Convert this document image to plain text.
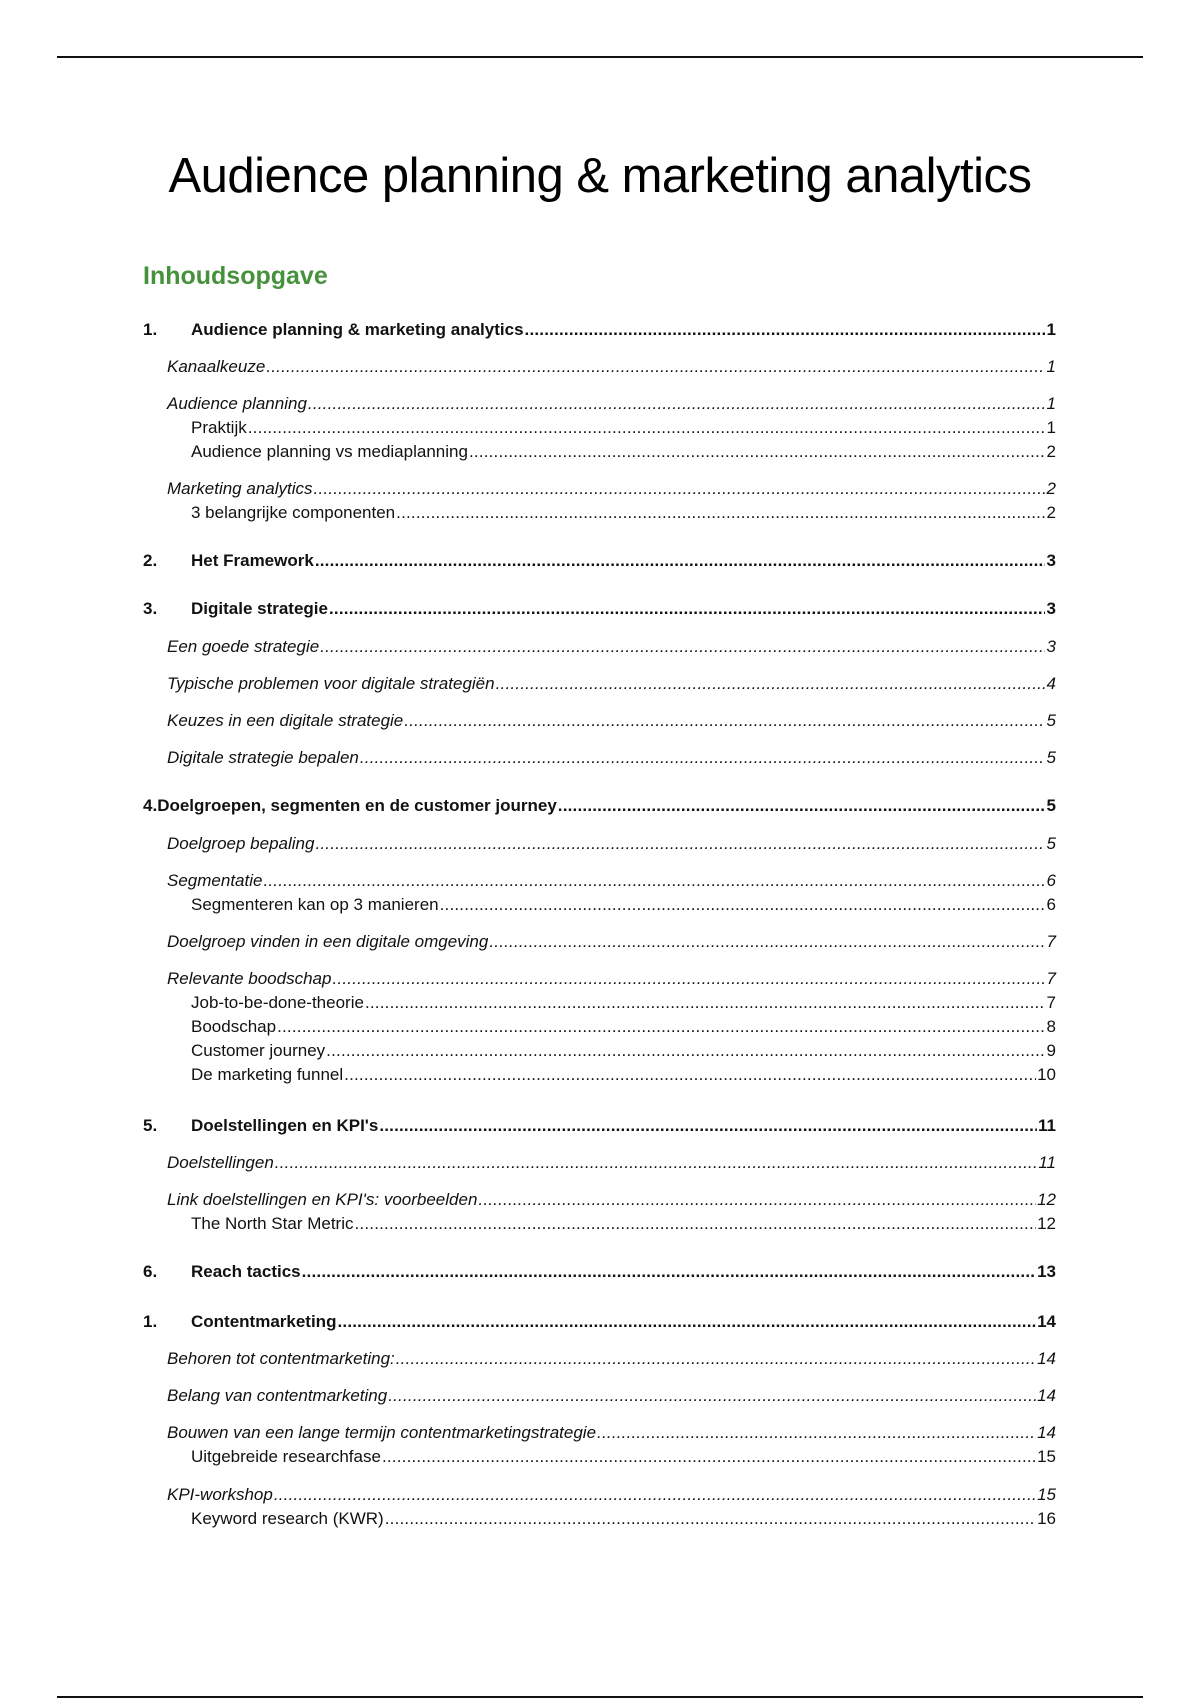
Audience planning & marketing analytics
Inhoudsopgave
1.	Audience planning & marketing analytics .....	1
Kanaalkeuze .....	1
Audience planning .....	1
Praktijk .....	1
Audience planning vs mediaplanning .....	2
Marketing analytics .....	2
3 belangrijke componenten .....	2
2.	Het Framework .....	3
3.	Digitale strategie .....	3
Een goede strategie .....	3
Typische problemen voor digitale strategiën .....	4
Keuzes in een digitale strategie .....	5
Digitale strategie bepalen .....	5
4. Doelgroepen, segmenten en de customer journey .....	5
Doelgroep bepaling .....	5
Segmentatie .....	6
Segmenteren kan op 3 manieren .....	6
Doelgroep vinden in een digitale omgeving .....	7
Relevante boodschap .....	7
Job-to-be-done-theorie .....	7
Boodschap .....	8
Customer journey .....	9
De marketing funnel .....	10
5.	Doelstellingen en KPI's .....	11
Doelstellingen .....	11
Link doelstellingen en KPI's: voorbeelden .....	12
The North Star Metric .....	12
6.	Reach tactics .....	13
1.	Contentmarketing .....	14
Behoren tot contentmarketing: .....	14
Belang van contentmarketing .....	14
Bouwen van een lange termijn contentmarketingstrategie .....	14
Uitgebreide researchfase .....	15
KPI-workshop .....	15
Keyword research (KWR) .....	16
